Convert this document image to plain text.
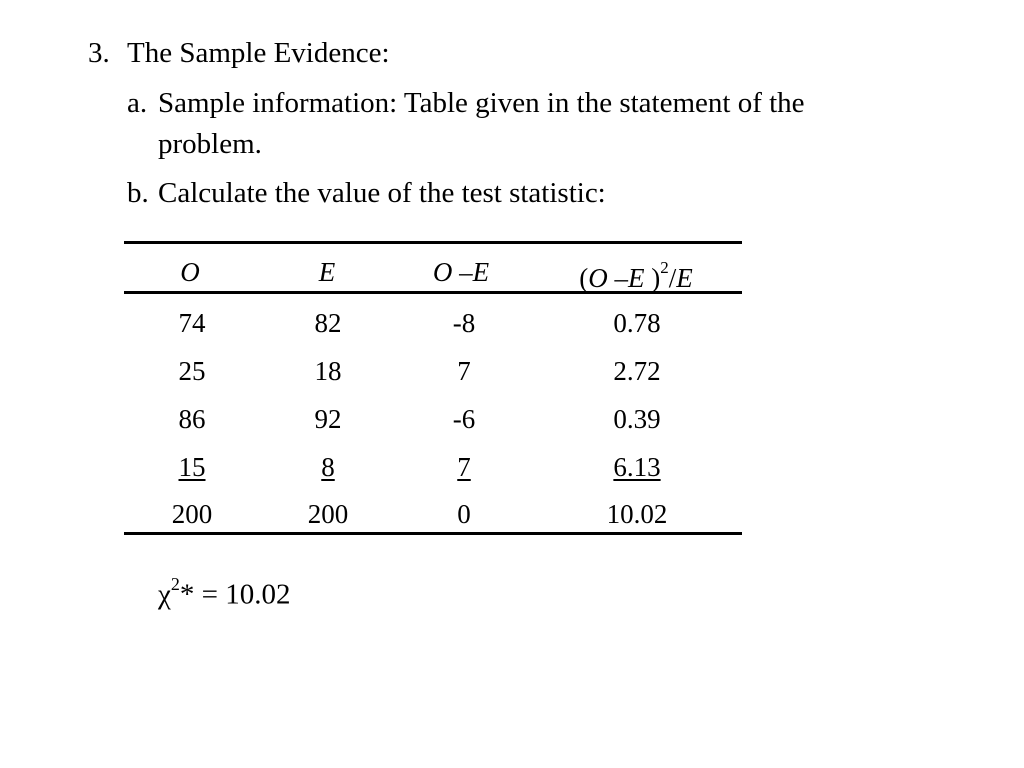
3. The Sample Evidence:
a. Sample information: Table given in the statement of the
problem.
b. Calculate the value of the test statistic:
O	E	O –E	(O –E )$^2$/E
74	82	-8	0.78
25	18	7	2.72
86	92	-6	0.39
15	8	7	6.13
200	200	0	10.02
$\chi^2* = 10.02$
